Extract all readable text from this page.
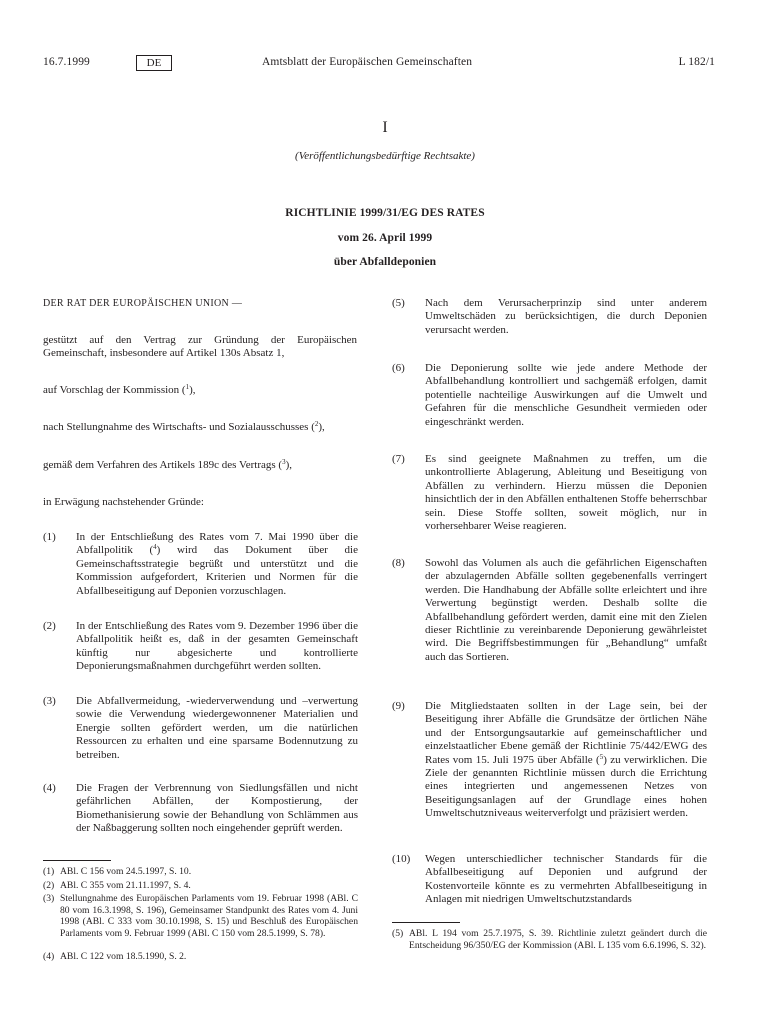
16.7.1999	DE	Amtsblatt der Europäischen Gemeinschaften	L 182/1
I
(Veröffentlichungsbedürftige Rechtsakte)
RICHTLINIE 1999/31/EG DES RATES
vom 26. April 1999
über Abfalldeponien
DER RAT DER EUROPÄISCHEN UNION —
gestützt auf den Vertrag zur Gründung der Europäischen Gemeinschaft, insbesondere auf Artikel 130s Absatz 1,
auf Vorschlag der Kommission ($^1$),
nach Stellungnahme des Wirtschafts- und Sozialausschusses ($^2$),
gemäß dem Verfahren des Artikels 189c des Vertrags ($^3$),
in Erwägung nachstehender Gründe:
(1) In der Entschließung des Rates vom 7. Mai 1990 über die Abfallpolitik ($^4$) wird das Dokument über die Gemeinschaftsstrategie begrüßt und unterstützt und die Kommission aufgefordert, Kriterien und Normen für die Abfallbeseitigung auf Deponien vorzuschlagen.
(2) In der Entschließung des Rates vom 9. Dezember 1996 über die Abfallpolitik heißt es, daß in der gesamten Gemeinschaft künftig nur abgesicherte und kontrollierte Deponierungsmaßnahmen durchgeführt werden sollten.
(3) Die Abfallvermeidung, -wiederverwendung und –verwertung sowie die Verwendung wiedergewonnener Materialien und Energie sollten gefördert werden, um die natürlichen Ressourcen zu erhalten und eine sparsame Bodennutzung zu betreiben.
(4) Die Fragen der Verbrennung von Siedlungsfällen und nicht gefährlichen Abfällen, der Kompostierung, der Biomethanisierung sowie der Behandlung von Schlämmen aus der Naßbaggerung sollten noch eingehender geprüft werden.
(1) ABl. C 156 vom 24.5.1997, S. 10.
(2) ABl. C 355 vom 21.11.1997, S. 4.
(3) Stellungnahme des Europäischen Parlaments vom 19. Februar 1998 (ABl. C 80 vom 16.3.1998, S. 196), Gemeinsamer Standpunkt des Rates vom 4. Juni 1998 (ABl. C 333 vom 30.10.1998, S. 15) und Beschluß des Europäischen Parlaments vom 9. Februar 1999 (ABl. C 150 vom 28.5.1999, S. 78).
(4) ABl. C 122 vom 18.5.1990, S. 2.
(5) Nach dem Verursacherprinzip sind unter anderem Umweltschäden zu berücksichtigen, die durch Deponien verursacht werden.
(6) Die Deponierung sollte wie jede andere Methode der Abfallbehandlung kontrolliert und sachgemäß erfolgen, damit potentielle nachteilige Auswirkungen auf die Umwelt und Gefahren für die menschliche Gesundheit vermieden oder eingeschränkt werden.
(7) Es sind geeignete Maßnahmen zu treffen, um die unkontrollierte Ablagerung, Ableitung und Beseitigung von Abfällen zu verhindern. Hierzu müssen die Deponien hinsichtlich der in den Abfällen enthaltenen Stoffe beherrschbar sein. Diese Stoffe sollten, soweit möglich, nur in vorhersehbarer Weise reagieren.
(8) Sowohl das Volumen als auch die gefährlichen Eigenschaften der abzulagernden Abfälle sollten gegebenenfalls verringert werden. Die Handhabung der Abfälle sollte erleichtert und ihre Verwertung begünstigt werden. Deshalb sollte die Abfallbehandlung gefördert werden, damit eine mit den Zielen dieser Richtlinie zu vereinbarende Deponierung gewährleistet wird. Die Begriffsbestimmungen für „Behandlung“ umfaßt auch das Sortieren.
(9) Die Mitgliedstaaten sollten in der Lage sein, bei der Beseitigung ihrer Abfälle die Grundsätze der örtlichen Nähe und der Entsorgungsautarkie auf gemeinschaftlicher und einzelstaatlicher Ebene gemäß der Richtlinie 75/442/EWG des Rates vom 15. Juli 1975 über Abfälle ($^5$) zu verwirklichen. Die Ziele der genannten Richtlinie müssen durch die Errichtung eines integrierten und angemessenen Netzes von Beseitigungsanlagen auf der Grundlage eines hohen Umweltschutzniveaus weiterverfolgt und präzisiert werden.
(10) Wegen unterschiedlicher technischer Standards für die Abfallbeseitigung auf Deponien und aufgrund der Kostenvorteile könnte es zu vermehrten Abfallbeseitigung in Anlagen mit niedrigen Umweltschutzstandards
(5) ABl. L 194 vom 25.7.1975, S. 39. Richtlinie zuletzt geändert durch die Entscheidung 96/350/EG der Kommission (ABl. L 135 vom 6.6.1996, S. 32).
